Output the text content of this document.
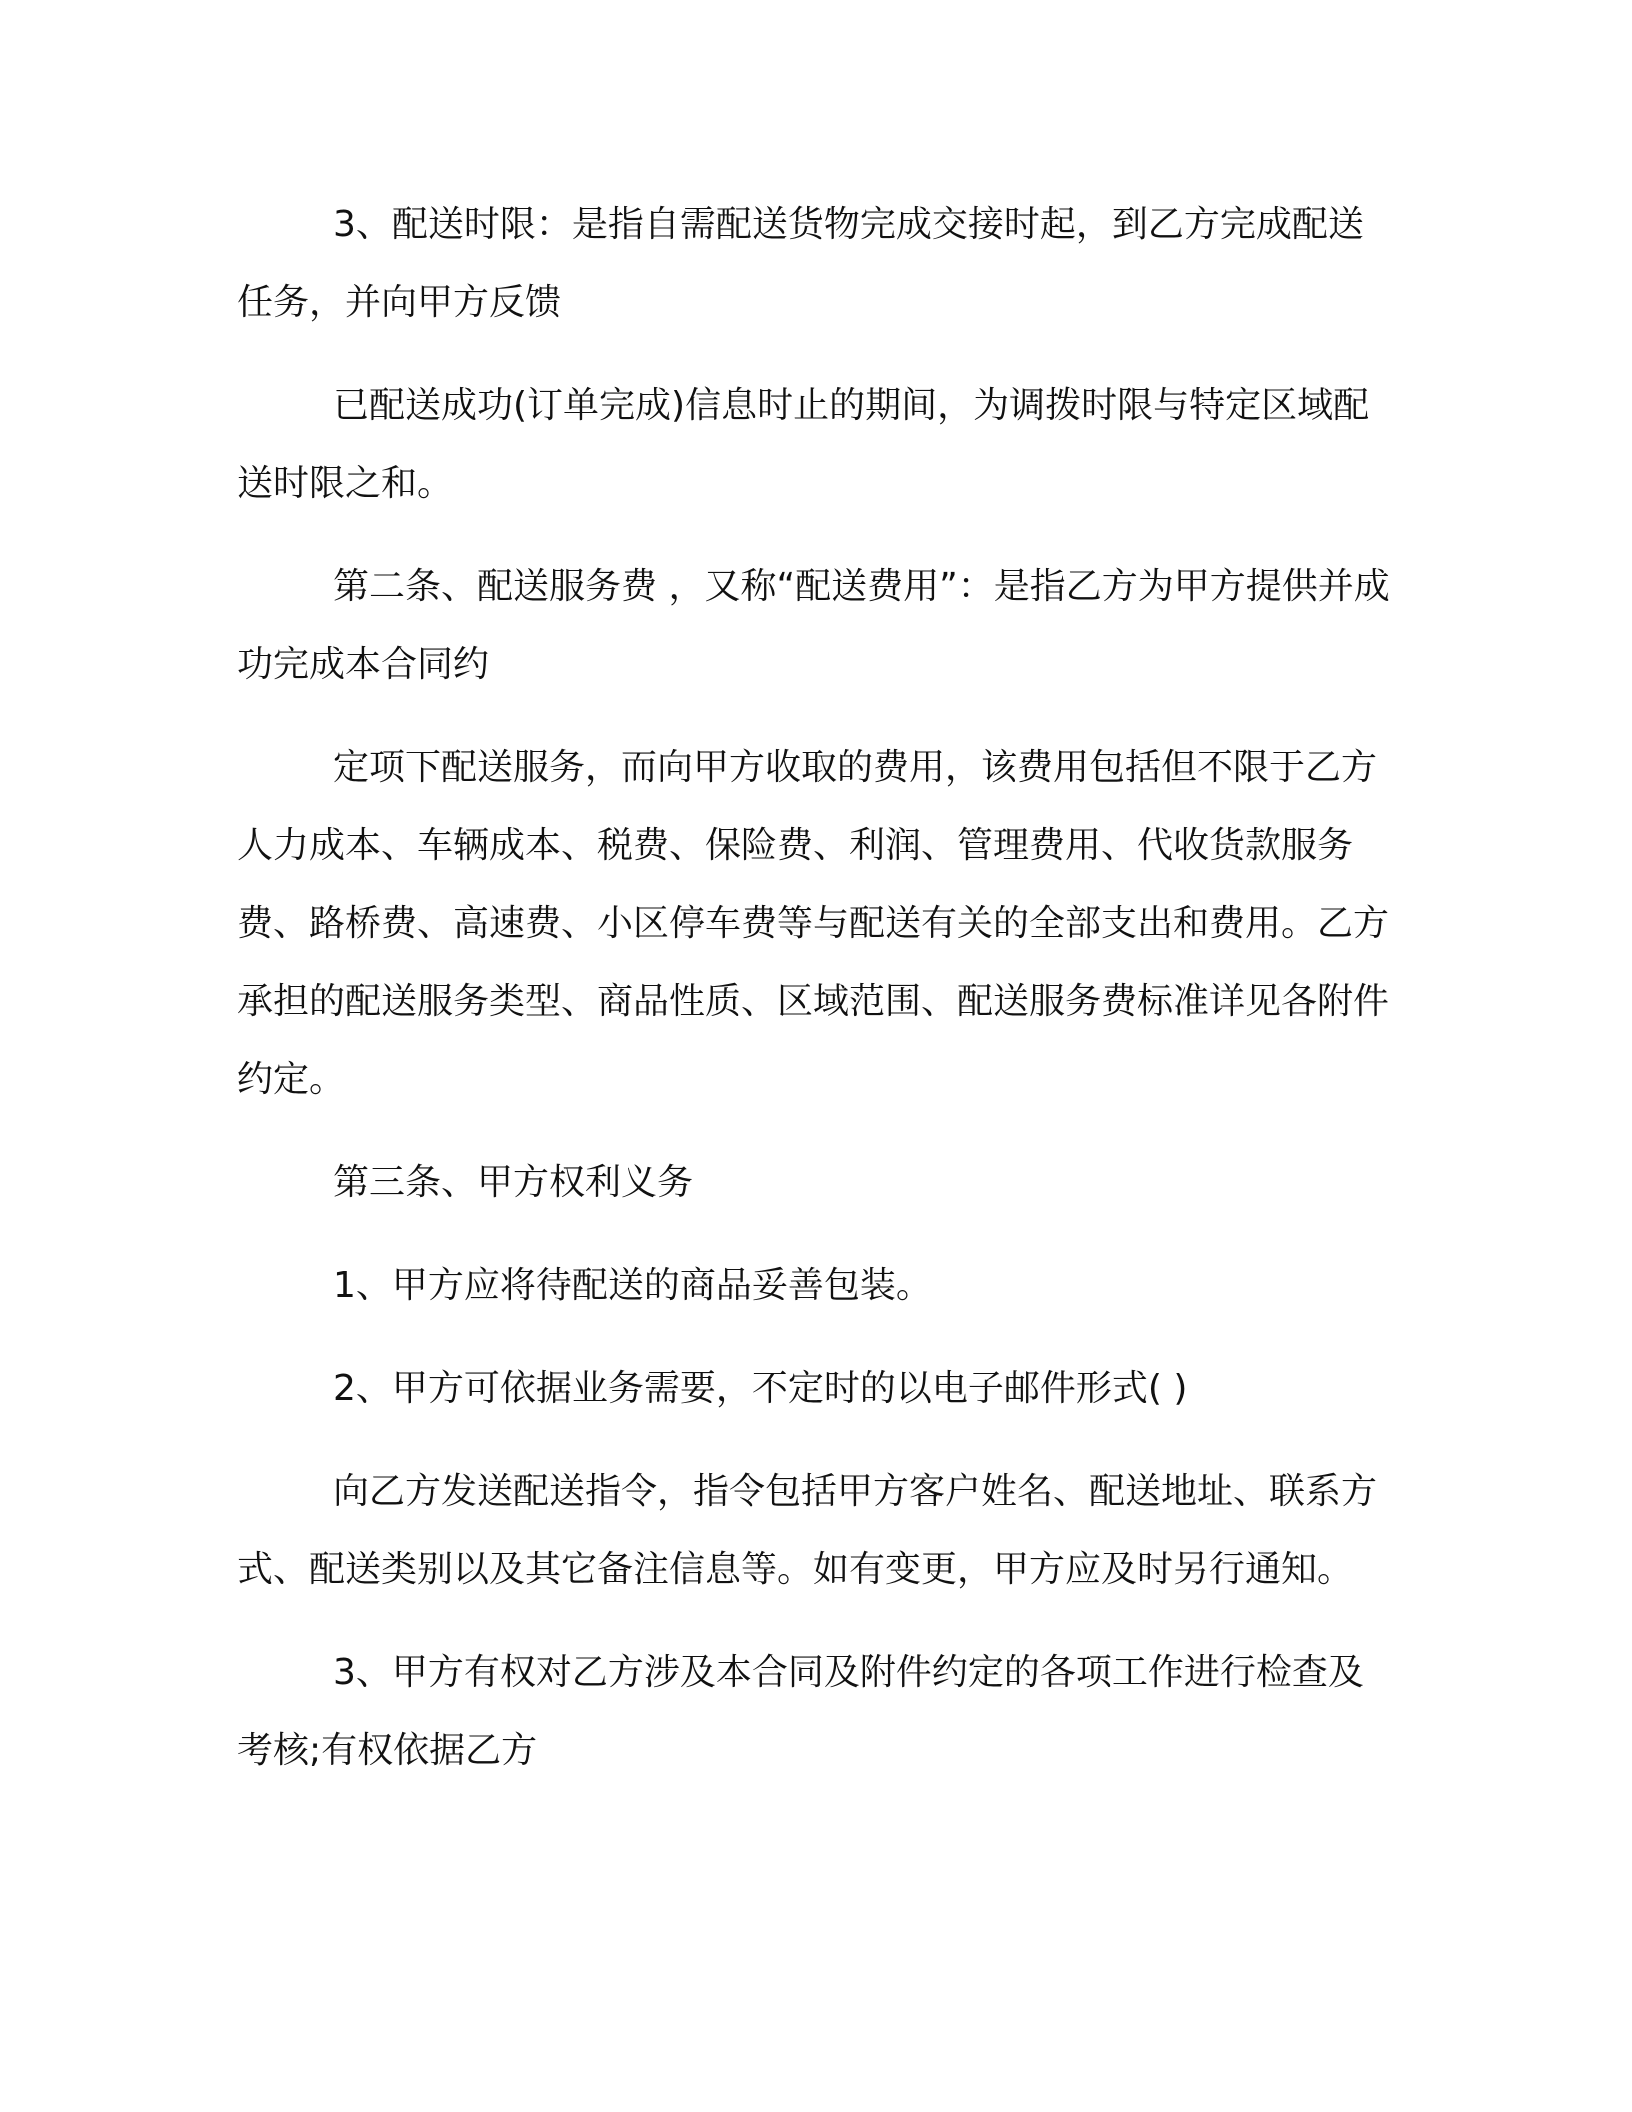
3、配送时限：是指自需配送货物完成交接时起，到乙方完成配送任务，并向甲方反馈

已配送成功(订单完成)信息时止的期间，为调拨时限与特定区域配送时限之和。

第二条、配送服务费 ，又称“配送费用”：是指乙方为甲方提供并成功完成本合同约

定项下配送服务，而向甲方收取的费用，该费用包括但不限于乙方人力成本、车辆成本、税费、保险费、利润、管理费用、代收货款服务费、路桥费、高速费、小区停车费等与配送有关的全部支出和费用。乙方承担的配送服务类型、商品性质、区域范围、配送服务费标准详见各附件约定。

第三条、甲方权利义务

1、甲方应将待配送的商品妥善包装。

2、甲方可依据业务需要，不定时的以电子邮件形式( )

向乙方发送配送指令，指令包括甲方客户姓名、配送地址、联系方式、配送类别以及其它备注信息等。如有变更，甲方应及时另行通知。

3、甲方有权对乙方涉及本合同及附件约定的各项工作进行检查及考核;有权依据乙方
